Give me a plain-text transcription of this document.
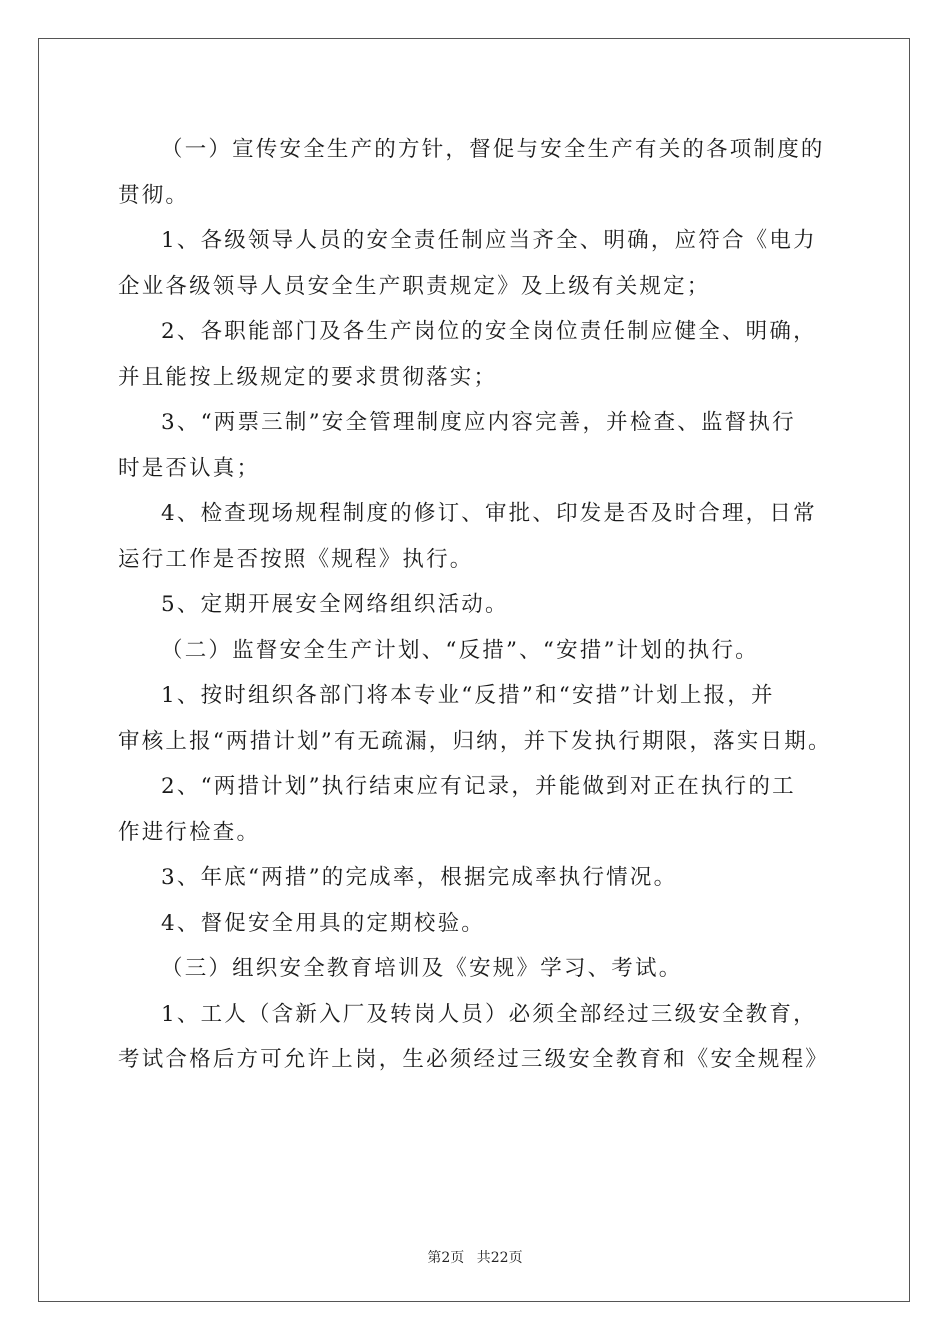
（一）宣传安全生产的方针，督促与安全生产有关的各项制度的
贯彻。
1、各级领导人员的安全责任制应当齐全、明确，应符合《电力
企业各级领导人员安全生产职责规定》及上级有关规定；
2、各职能部门及各生产岗位的安全岗位责任制应健全、明确，
并且能按上级规定的要求贯彻落实；
3、“两票三制”安全管理制度应内容完善，并检查、监督执行
时是否认真；
4、检查现场规程制度的修订、审批、印发是否及时合理，日常
运行工作是否按照《规程》执行。
5、定期开展安全网络组织活动。
（二）监督安全生产计划、“反措”、“安措”计划的执行。
1、按时组织各部门将本专业“反措”和“安措”计划上报，并
审核上报“两措计划”有无疏漏，归纳，并下发执行期限，落实日期。
2、“两措计划”执行结束应有记录，并能做到对正在执行的工
作进行检查。
3、年底“两措”的完成率，根据完成率执行情况。
4、督促安全用具的定期校验。
（三）组织安全教育培训及《安规》学习、考试。
1、工人（含新入厂及转岗人员）必须全部经过三级安全教育，
考试合格后方可允许上岗，生必须经过三级安全教育和《安全规程》
第2页 共22页
